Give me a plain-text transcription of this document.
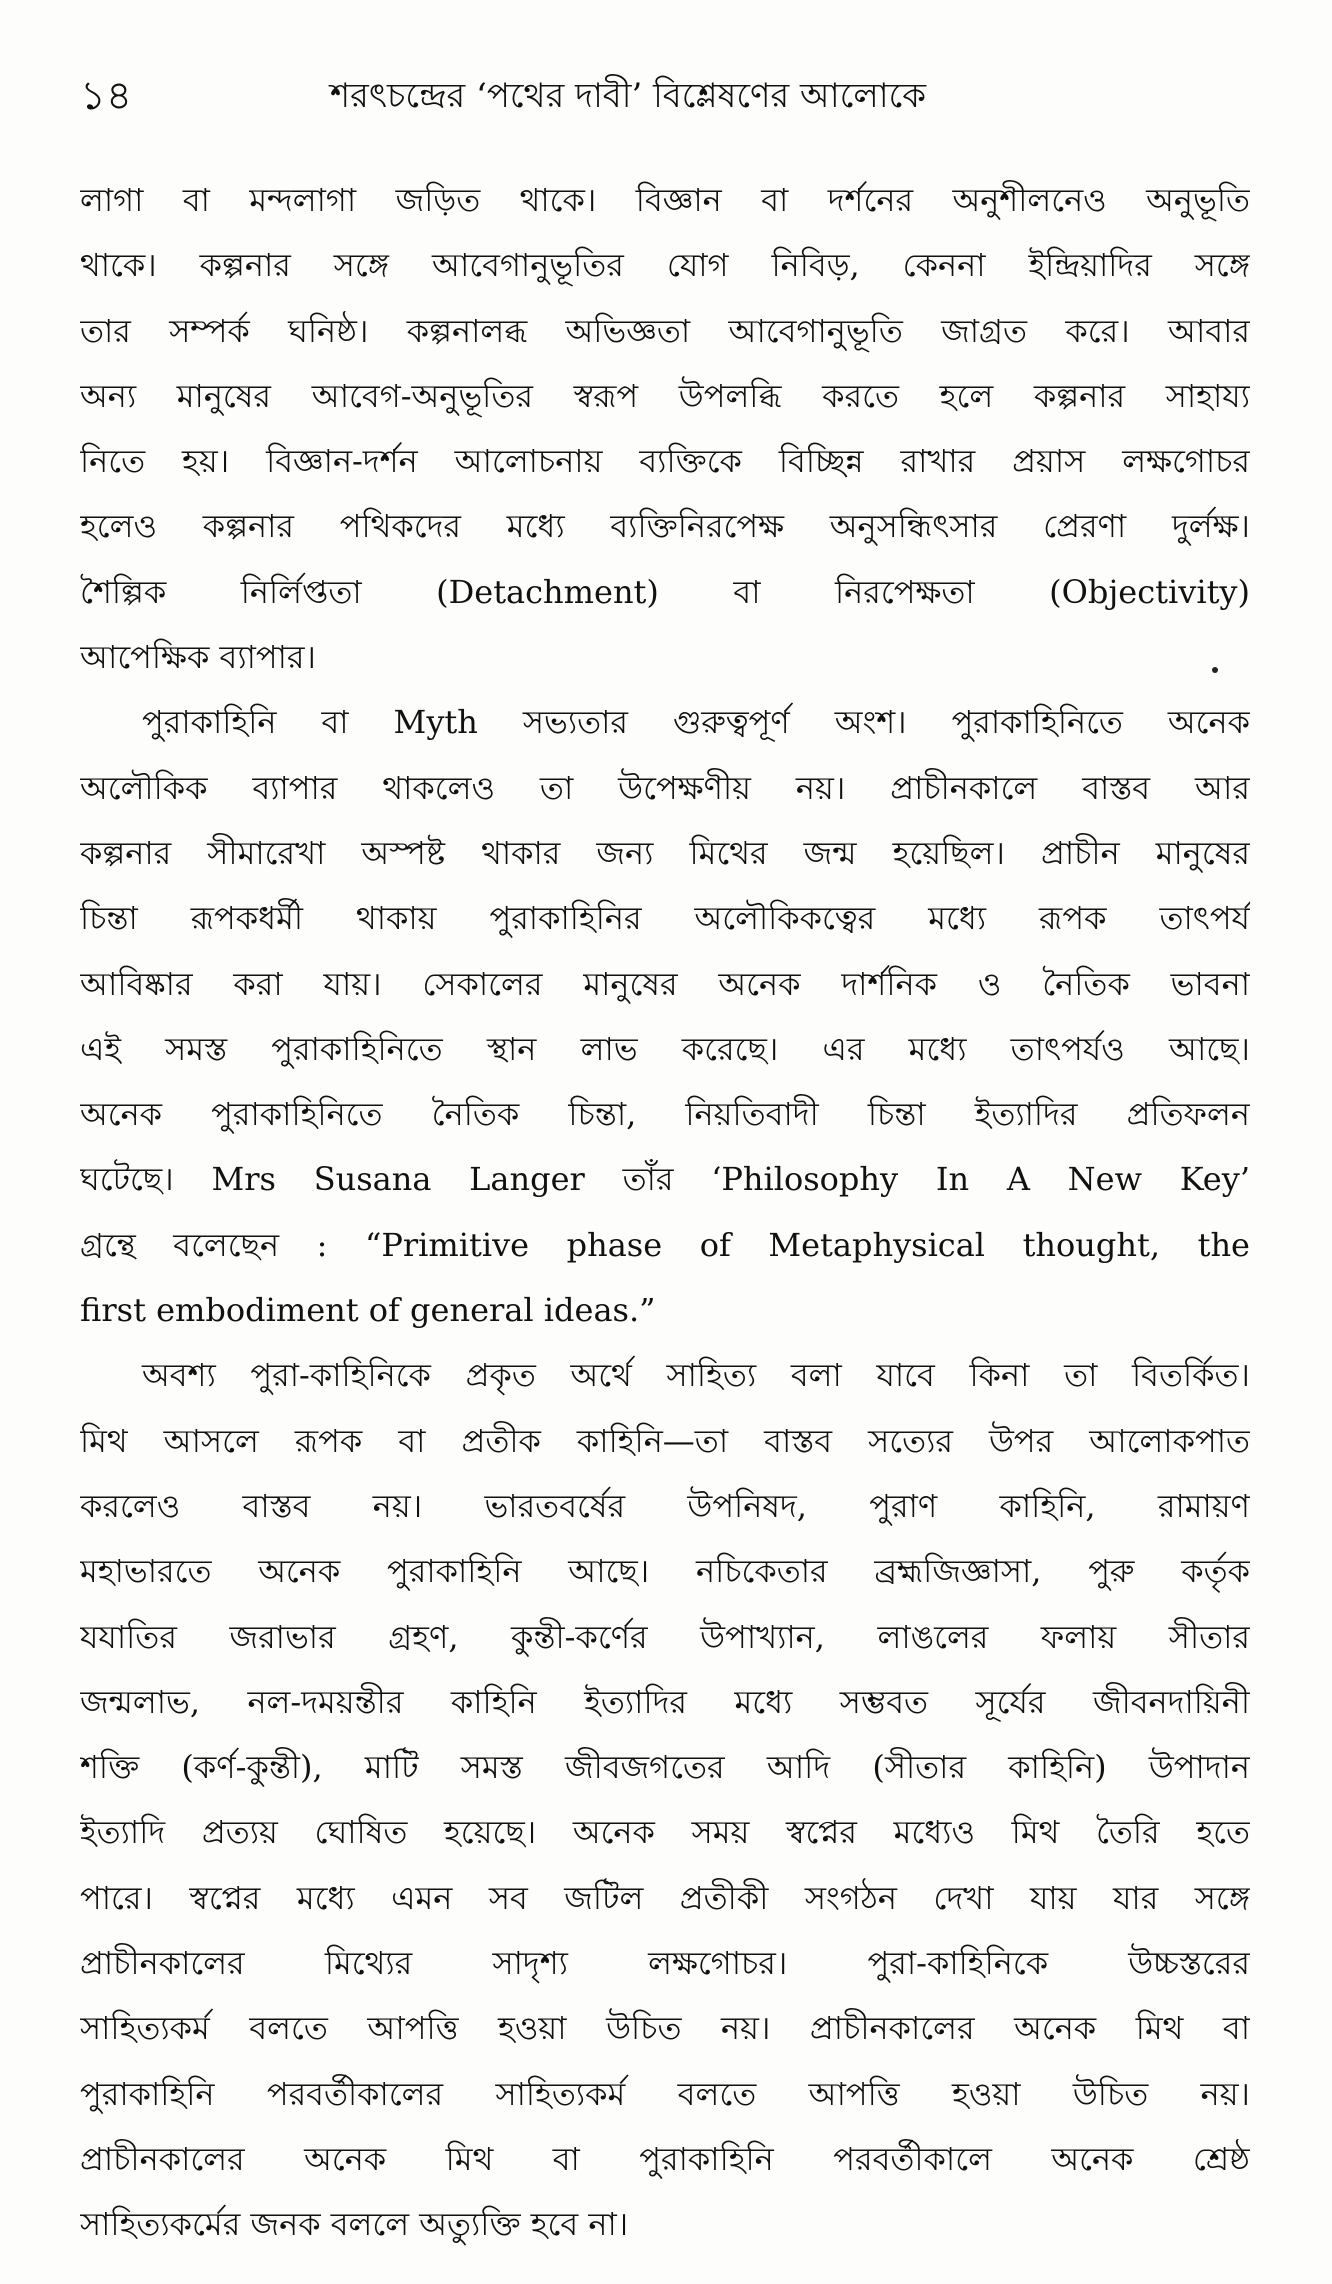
১৪	শরৎচন্দ্রের ‘পথের দাবী’ বিশ্লেষণের আলোকে
লাগা বা মন্দলাগা জড়িত থাকে। বিজ্ঞান বা দর্শনের অনুশীলনেও অনুভূতি
থাকে। কল্পনার সঙ্গে আবেগানুভূতির যোগ নিবিড়, কেননা ইন্দ্রিয়াদির সঙ্গে
তার সম্পর্ক ঘনিষ্ঠ। কল্পনালব্ধ অভিজ্ঞতা আবেগানুভূতি জাগ্রত করে। আবার
অন্য মানুষের আবেগ-অনুভূতির স্বরূপ উপলব্ধি করতে হলে কল্পনার সাহায্য
নিতে হয়। বিজ্ঞান-দর্শন আলোচনায় ব্যক্তিকে বিচ্ছিন্ন রাখার প্রয়াস লক্ষগোচর
হলেও কল্পনার পথিকদের মধ্যে ব্যক্তিনিরপেক্ষ অনুসন্ধিৎসার প্রেরণা দুর্লক্ষ।
শৈল্পিক নির্লিপ্ততা (Detachment) বা নিরপেক্ষতা (Objectivity)
আপেক্ষিক ব্যাপার।
পুরাকাহিনি বা Myth সভ্যতার গুরুত্বপূর্ণ অংশ। পুরাকাহিনিতে অনেক
অলৌকিক ব্যাপার থাকলেও তা উপেক্ষণীয় নয়। প্রাচীনকালে বাস্তব আর
কল্পনার সীমারেখা অস্পষ্ট থাকার জন্য মিথের জন্ম হয়েছিল। প্রাচীন মানুষের
চিন্তা রূপকধর্মী থাকায় পুরাকাহিনির অলৌকিকত্বের মধ্যে রূপক তাৎপর্য
আবিষ্কার করা যায়। সেকালের মানুষের অনেক দার্শনিক ও নৈতিক ভাবনা
এই সমস্ত পুরাকাহিনিতে স্থান লাভ করেছে। এর মধ্যে তাৎপর্যও আছে।
অনেক পুরাকাহিনিতে নৈতিক চিন্তা, নিয়তিবাদী চিন্তা ইত্যাদির প্রতিফলন
ঘটেছে। Mrs Susana Langer তাঁর ‘Philosophy In A New Key’
গ্রন্থে বলেছেন : “Primitive phase of Metaphysical thought, the
first embodiment of general ideas.”
অবশ্য পুরা-কাহিনিকে প্রকৃত অর্থে সাহিত্য বলা যাবে কিনা তা বিতর্কিত।
মিথ আসলে রূপক বা প্রতীক কাহিনি—তা বাস্তব সত্যের উপর আলোকপাত
করলেও বাস্তব নয়। ভারতবর্ষের উপনিষদ, পুরাণ কাহিনি, রামায়ণ
মহাভারতে অনেক পুরাকাহিনি আছে। নচিকেতার ব্রহ্মজিজ্ঞাসা, পুরু কর্তৃক
যযাতির জরাভার গ্রহণ, কুন্তী-কর্ণের উপাখ্যান, লাঙলের ফলায় সীতার
জন্মলাভ, নল-দময়ন্তীর কাহিনি ইত্যাদির মধ্যে সম্ভবত সূর্যের জীবনদায়িনী
শক্তি (কর্ণ-কুন্তী), মাটি সমস্ত জীবজগতের আদি (সীতার কাহিনি) উপাদান
ইত্যাদি প্রত্যয় ঘোষিত হয়েছে। অনেক সময় স্বপ্নের মধ্যেও মিথ তৈরি হতে
পারে। স্বপ্নের মধ্যে এমন সব জটিল প্রতীকী সংগঠন দেখা যায় যার সঙ্গে
প্রাচীনকালের মিথ্যের সাদৃশ্য লক্ষগোচর। পুরা-কাহিনিকে উচ্চস্তরের
সাহিত্যকর্ম বলতে আপত্তি হওয়া উচিত নয়। প্রাচীনকালের অনেক মিথ বা
পুরাকাহিনি পরবর্তীকালের সাহিত্যকর্ম বলতে আপত্তি হওয়া উচিত নয়।
প্রাচীনকালের অনেক মিথ বা পুরাকাহিনি পরবর্তীকালে অনেক শ্রেষ্ঠ
সাহিত্যকর্মের জনক বললে অত্যুক্তি হবে না।
